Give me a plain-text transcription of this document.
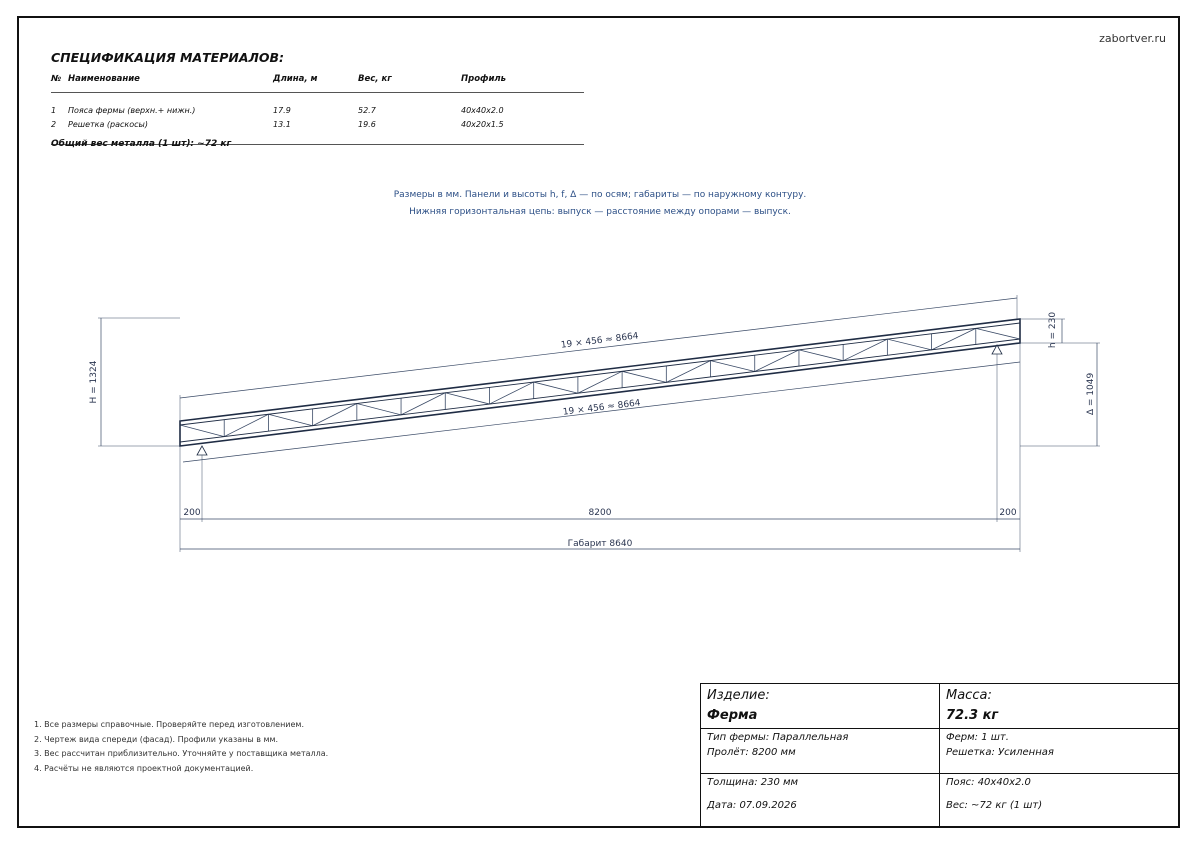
zabortver.ru
СПЕЦИФИКАЦИЯ МАТЕРИАЛОВ:
№ Наименование	Длина, м	Вес, кг	Профиль
1 Пояса фермы (верхн.+ нижн.)	17.9	52.7	40x40x2.0
2 Решетка (раскосы)	13.1	19.6	40x20x1.5
Общий вес металла (1 шт): ~72 кг
Размеры в мм. Панели и высоты h, f, Δ — по осям; габариты — по наружному контуру.
Нижняя горизонтальная цепь: выпуск — расстояние между опорами — выпуск.
19 × 456 ≈ 8664
19 × 456 ≈ 8664
H = 1324
h = 230
Δ = 1049
200	8200	200
Габарит 8640
1. Все размеры справочные. Проверяйте перед изготовлением.
2. Чертеж вида спереди (фасад). Профили указаны в мм.
3. Вес рассчитан приблизительно. Уточняйте у поставщика металла.
4. Расчёты не являются проектной документацией.
Изделие:
Ферма
Масса:
72.3 кг
Тип фермы: Параллельная
Пролёт: 8200 мм
Ферм: 1 шт.
Решетка: Усиленная
Толщина: 230 мм	Пояс: 40x40x2.0
Дата: 07.09.2026	Вес: ~72 кг (1 шт)
